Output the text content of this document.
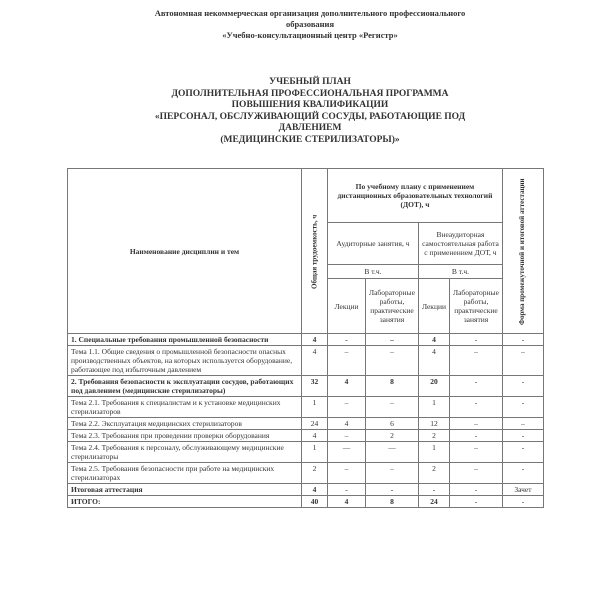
Автономная некоммерческая организация дополнительного профессионального
образования
«Учебно-консультационный центр «Регистр»
УЧЕБНЫЙ ПЛАН
ДОПОЛНИТЕЛЬНАЯ ПРОФЕССИОНАЛЬНАЯ ПРОГРАММА
ПОВЫШЕНИЯ КВАЛИФИКАЦИИ
«ПЕРСОНАЛ, ОБСЛУЖИВАЮЩИЙ СОСУДЫ, РАБОТАЮЩИЕ ПОД
ДАВЛЕНИЕМ
(МЕДИЦИНСКИЕ СТЕРИЛИЗАТОРЫ)»
Наименование дисциплин и тем	Общая трудоемкость, ч	По учебному плану с применением дистанционных образовательных технологий (ДОТ), ч				Форма промежуточной и итоговой аттестации
		Аудиторные занятия, ч		Внеаудиторная самостоятельная работа с применением ДОТ, ч		
		В т.ч.		В т.ч.		
		Лекции	Лабораторные работы, практические занятия	Лекции	Лабораторные работы, практические занятия	
1. Специальные требования промышленной безопасности	4	-	–	4	-	-
Тема 1.1. Общие сведения о промышленной безопасности опасных производственных объектов, на которых используется оборудование, работающее под избыточным давлением	4	–	–	4	–	–
2. Требования безопасности к эксплуатации сосудов, работающих под давлением (медицинские стерилизаторы)	32	4	8	20	-	-
Тема 2.1. Требования к специалистам и к установке медицинских стерилизаторов	1	–	–	1	-	-
Тема 2.2. Эксплуатация медицинских стерилизаторов	24	4	6	12	–	–
Тема 2.3. Требования при проведении проверки оборудования	4	–	2	2	-	-
Тема 2.4. Требования к персоналу, обслуживающему медицинские стерилизаторы	1	—	—	1	–	-
Тема 2.5. Требования безопасности при работе на медицинских стерилизаторах	2	–	–	2	–	-
Итоговая аттестация	4	-	-	-	-	Зачет
ИТОГО:	40	4	8	24	-	-
